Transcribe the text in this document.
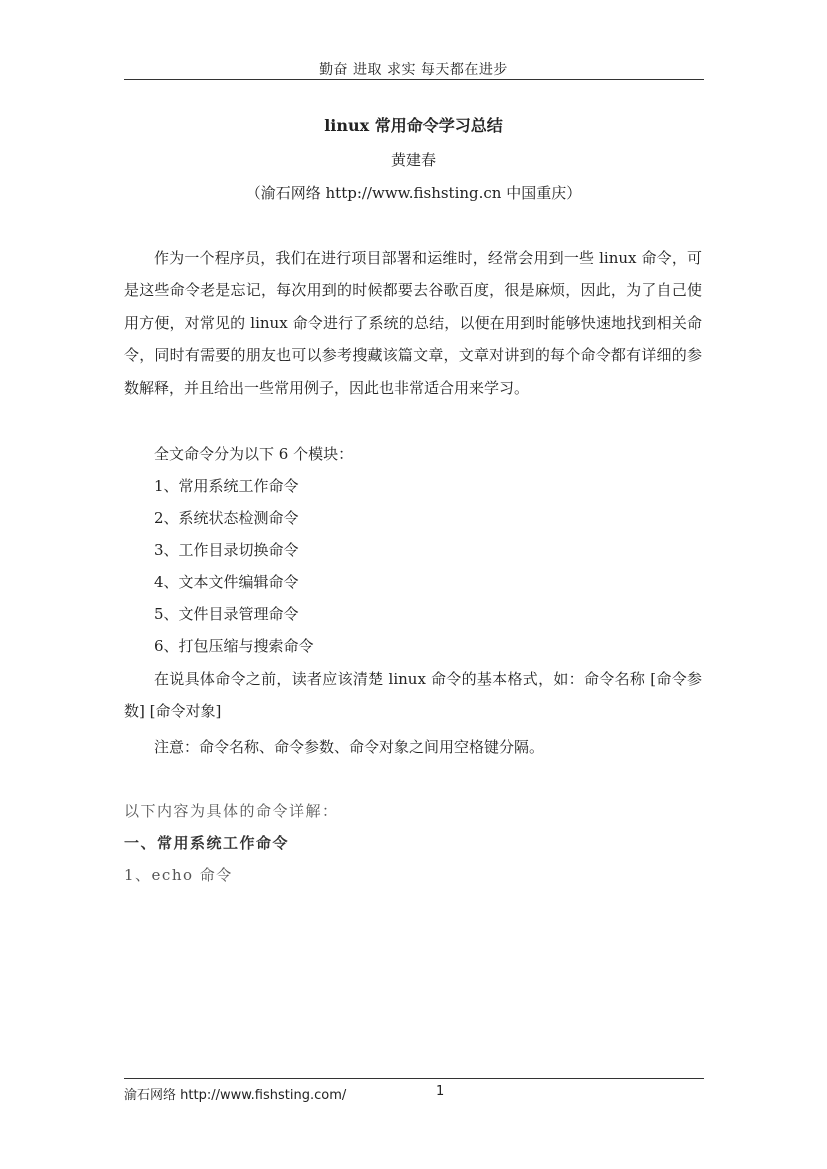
勤奋 进取 求实 每天都在进步
linux 常用命令学习总结
黄建春
（渝石网络 http://www.fishsting.cn 中国重庆）
作为一个程序员，我们在进行项目部署和运维时，经常会用到一些 linux 命令，可是这些命令老是忘记，每次用到的时候都要去谷歌百度，很是麻烦，因此，为了自己使用方便，对常见的 linux 命令进行了系统的总结，以便在用到时能够快速地找到相关命令，同时有需要的朋友也可以参考搜藏该篇文章，文章对讲到的每个命令都有详细的参数解释，并且给出一些常用例子，因此也非常适合用来学习。
全文命令分为以下 6 个模块：
1、常用系统工作命令
2、系统状态检测命令
3、工作目录切换命令
4、文本文件编辑命令
5、文件目录管理命令
6、打包压缩与搜索命令
在说具体命令之前，读者应该清楚 linux 命令的基本格式，如：命令名称 [命令参数] [命令对象]
注意：命令名称、命令参数、命令对象之间用空格键分隔。
以下内容为具体的命令详解：
一、常用系统工作命令
1、echo 命令
渝石网络 http://www.fishsting.com/	1
